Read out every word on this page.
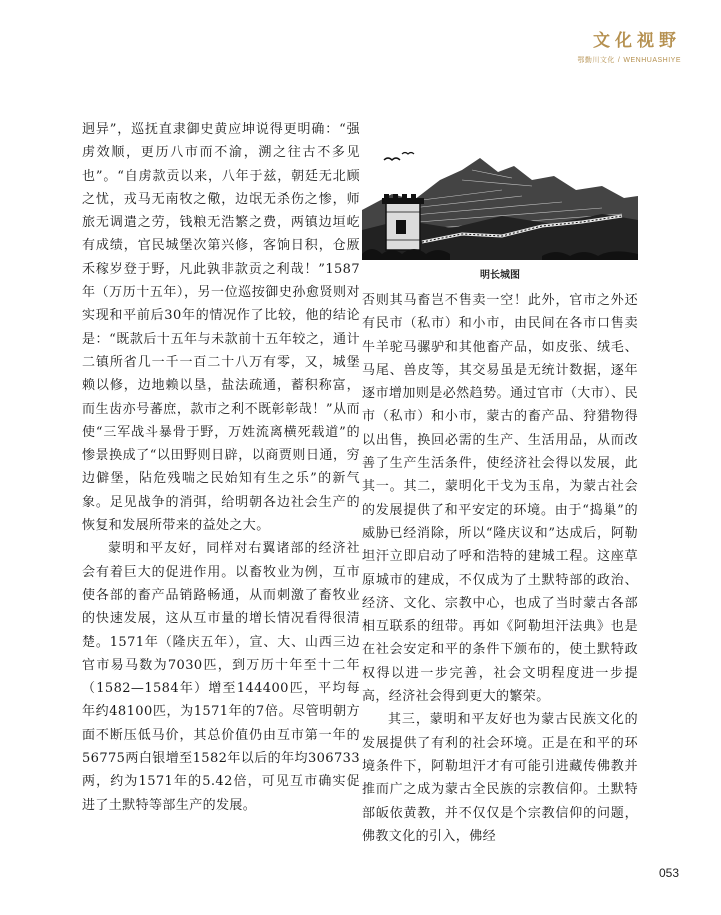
文化视野
鄂勤川文化 / WENHUASHIYE

迥异”，巡抚直隶御史黄应坤说得更明确：“强虏效顺，更历八市而不渝，溯之往古不多见也”。“自虏款贡以来，八年于兹，朝廷无北顾之忧，戎马无南牧之儆，边氓无杀伤之惨，师旅无调遣之劳，钱粮无浩繁之费，两镇边垣屹有成绩，官民城堡次第兴修，客饷日积，仓厫禾稼岁登于野，凡此孰非款贡之利哉！”1587年（万历十五年），另一位巡按御史孙愈贤则对实现和平前后30年的情况作了比较，他的结论是：“既款后十五年与未款前十五年较之，通计二镇所省几一千一百二十八万有零，又，城堡赖以修，边地赖以垦，盐法疏通，蓄积称富，而生齿亦号蕃庶，款市之利不既彰彰哉！”从而使“三军战斗暴骨于野，万姓流离横死载道”的惨景换成了“以田野则日辟，以商贾则日通，穷边僻堡，阽危残喘之民始知有生之乐”的新气象。足见战争的消弭，给明朝各边社会生产的恢复和发展所带来的益处之大。

蒙明和平友好，同样对右翼诸部的经济社会有着巨大的促进作用。以畜牧业为例，互市使各部的畜产品销路畅通，从而刺激了畜牧业的快速发展，这从互市量的增长情况看得很清楚。1571年（隆庆五年），宣、大、山西三边官市易马数为7030匹，到万历十年至十二年（1582—1584年）增至144400匹，平均每年约48100匹，为1571年的7倍。尽管明朝方面不断压低马价，其总价值仍由互市第一年的56775两白银增至1582年以后的年均306733两，约为1571年的5.42倍，可见互市确实促进了土默特等部生产的发展。

明长城图

否则其马畜岂不售卖一空！此外，官市之外还有民市（私市）和小市，由民间在各市口售卖牛羊驼马骡驴和其他畜产品，如皮张、绒毛、马尾、兽皮等，其交易虽是无统计数据，逐年逐市增加则是必然趋势。通过官市（大市）、民市（私市）和小市，蒙古的畜产品、狩猎物得以出售，换回必需的生产、生活用品，从而改善了生产生活条件，使经济社会得以发展，此其一。其二，蒙明化干戈为玉帛，为蒙古社会的发展提供了和平安定的环境。由于“捣巢”的威胁已经消除，所以“隆庆议和”达成后，阿勒坦汗立即启动了呼和浩特的建城工程。这座草原城市的建成，不仅成为了土默特部的政治、经济、文化、宗教中心，也成了当时蒙古各部相互联系的纽带。再如《阿勒坦汗法典》也是在社会安定和平的条件下颁布的，使土默特政权得以进一步完善，社会文明程度进一步提高，经济社会得到更大的繁荣。

其三，蒙明和平友好也为蒙古民族文化的发展提供了有利的社会环境。正是在和平的环境条件下，阿勒坦汗才有可能引进藏传佛教并推而广之成为蒙古全民族的宗教信仰。土默特部皈依黄教，并不仅仅是个宗教信仰的问题，佛教文化的引入，佛经

053
